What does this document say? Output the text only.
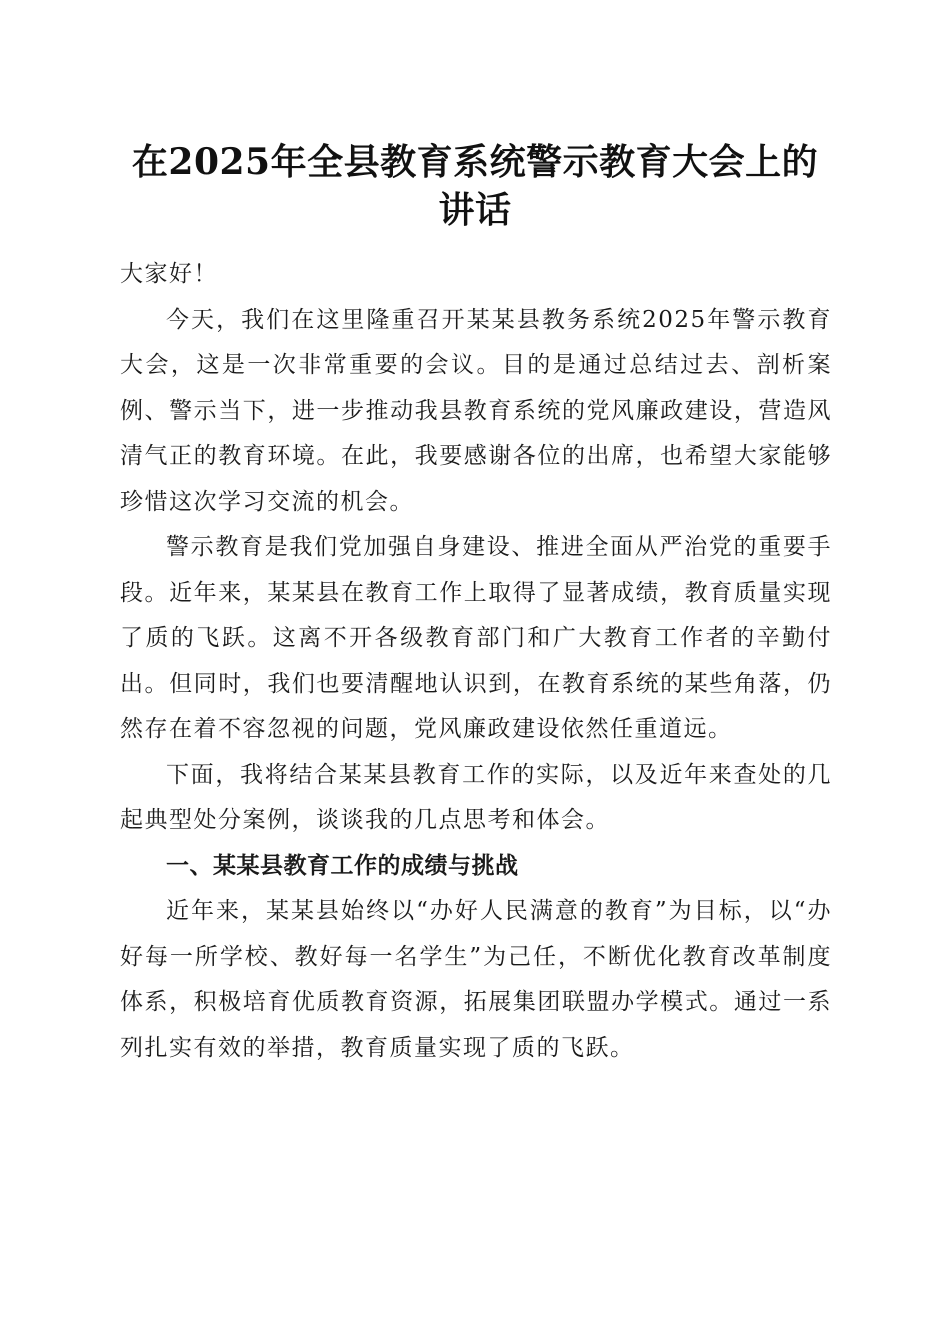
在2025年全县教育系统警示教育大会上的讲话

大家好！

今天，我们在这里隆重召开某某县教务系统2025年警示教育大会，这是一次非常重要的会议。目的是通过总结过去、剖析案例、警示当下，进一步推动我县教育系统的党风廉政建设，营造风清气正的教育环境。在此，我要感谢各位的出席，也希望大家能够珍惜这次学习交流的机会。

警示教育是我们党加强自身建设、推进全面从严治党的重要手段。近年来，某某县在教育工作上取得了显著成绩，教育质量实现了质的飞跃。这离不开各级教育部门和广大教育工作者的辛勤付出。但同时，我们也要清醒地认识到，在教育系统的某些角落，仍然存在着不容忽视的问题，党风廉政建设依然任重道远。

下面，我将结合某某县教育工作的实际，以及近年来查处的几起典型处分案例，谈谈我的几点思考和体会。

一、某某县教育工作的成绩与挑战

近年来，某某县始终以“办好人民满意的教育”为目标，以“办好每一所学校、教好每一名学生”为己任，不断优化教育改革制度体系，积极培育优质教育资源，拓展集团联盟办学模式。通过一系列扎实有效的举措，教育质量实现了质的飞跃。
